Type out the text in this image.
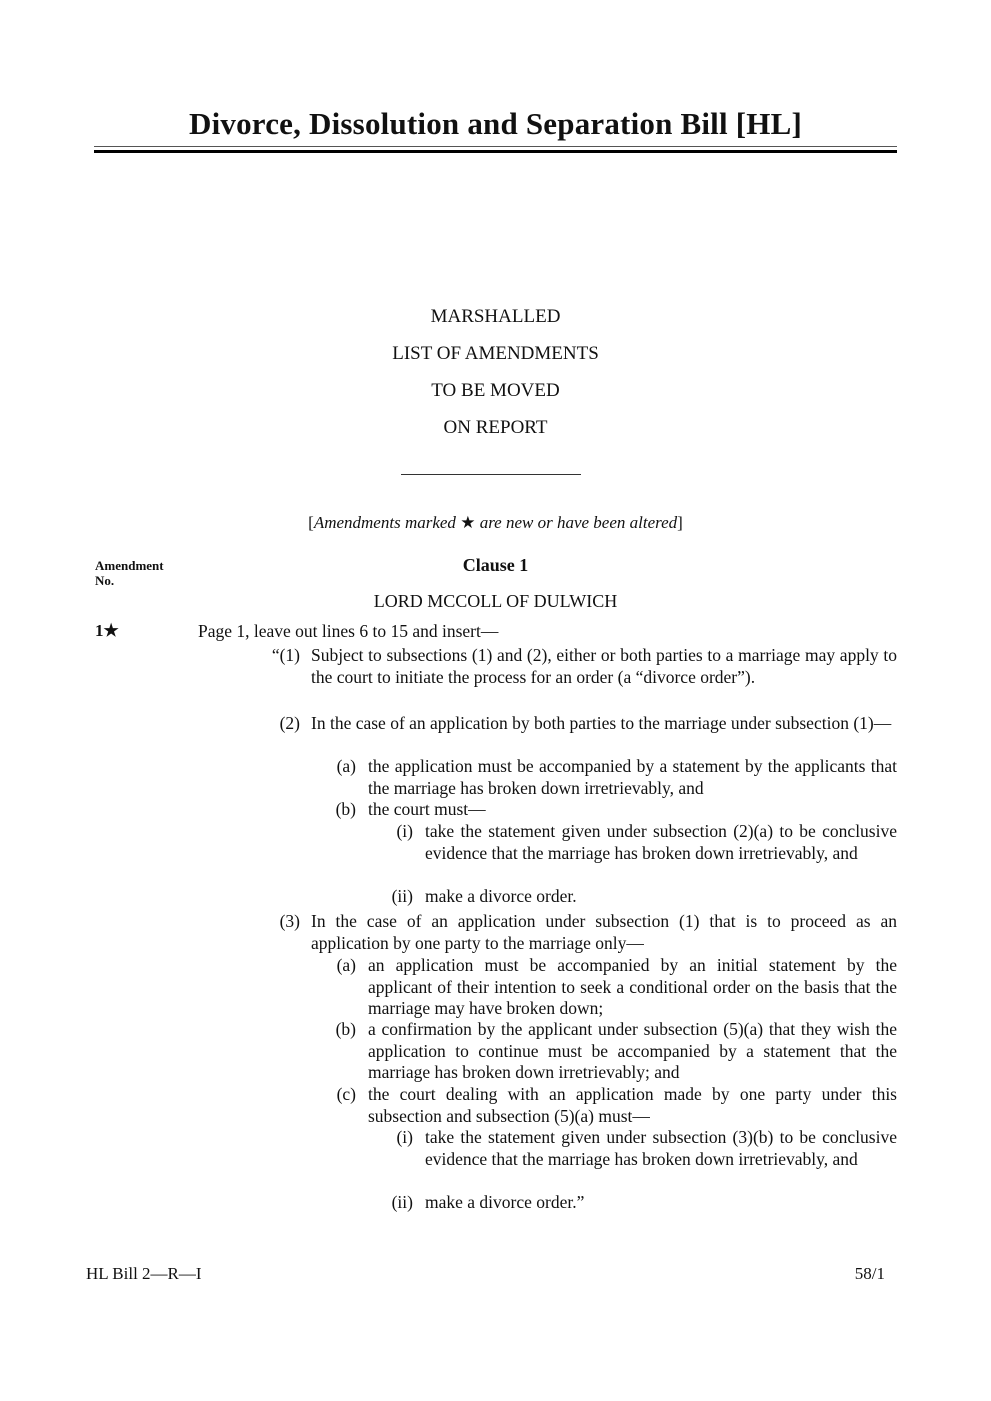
Divorce, Dissolution and Separation Bill [HL]
MARSHALLED
LIST OF AMENDMENTS
TO BE MOVED
ON REPORT
[Amendments marked ★ are new or have been altered]
Amendment
No.
Clause 1
LORD MCCOLL OF DULWICH
1★	Page 1, leave out lines 6 to 15 and insert—
“(1) Subject to subsections (1) and (2), either or both parties to a marriage may apply to the court to initiate the process for an order (a “divorce order”).
(2) In the case of an application by both parties to the marriage under subsection (1)—
(a) the application must be accompanied by a statement by the applicants that the marriage has broken down irretrievably, and
(b) the court must—
(i) take the statement given under subsection (2)(a) to be conclusive evidence that the marriage has broken down irretrievably, and
(ii) make a divorce order.
(3) In the case of an application under subsection (1) that is to proceed as an application by one party to the marriage only—
(a) an application must be accompanied by an initial statement by the applicant of their intention to seek a conditional order on the basis that the marriage may have broken down;
(b) a confirmation by the applicant under subsection (5)(a) that they wish the application to continue must be accompanied by a statement that the marriage has broken down irretrievably; and
(c) the court dealing with an application made by one party under this subsection and subsection (5)(a) must—
(i) take the statement given under subsection (3)(b) to be conclusive evidence that the marriage has broken down irretrievably, and
(ii) make a divorce order.”
HL Bill 2—R—I	58/1
